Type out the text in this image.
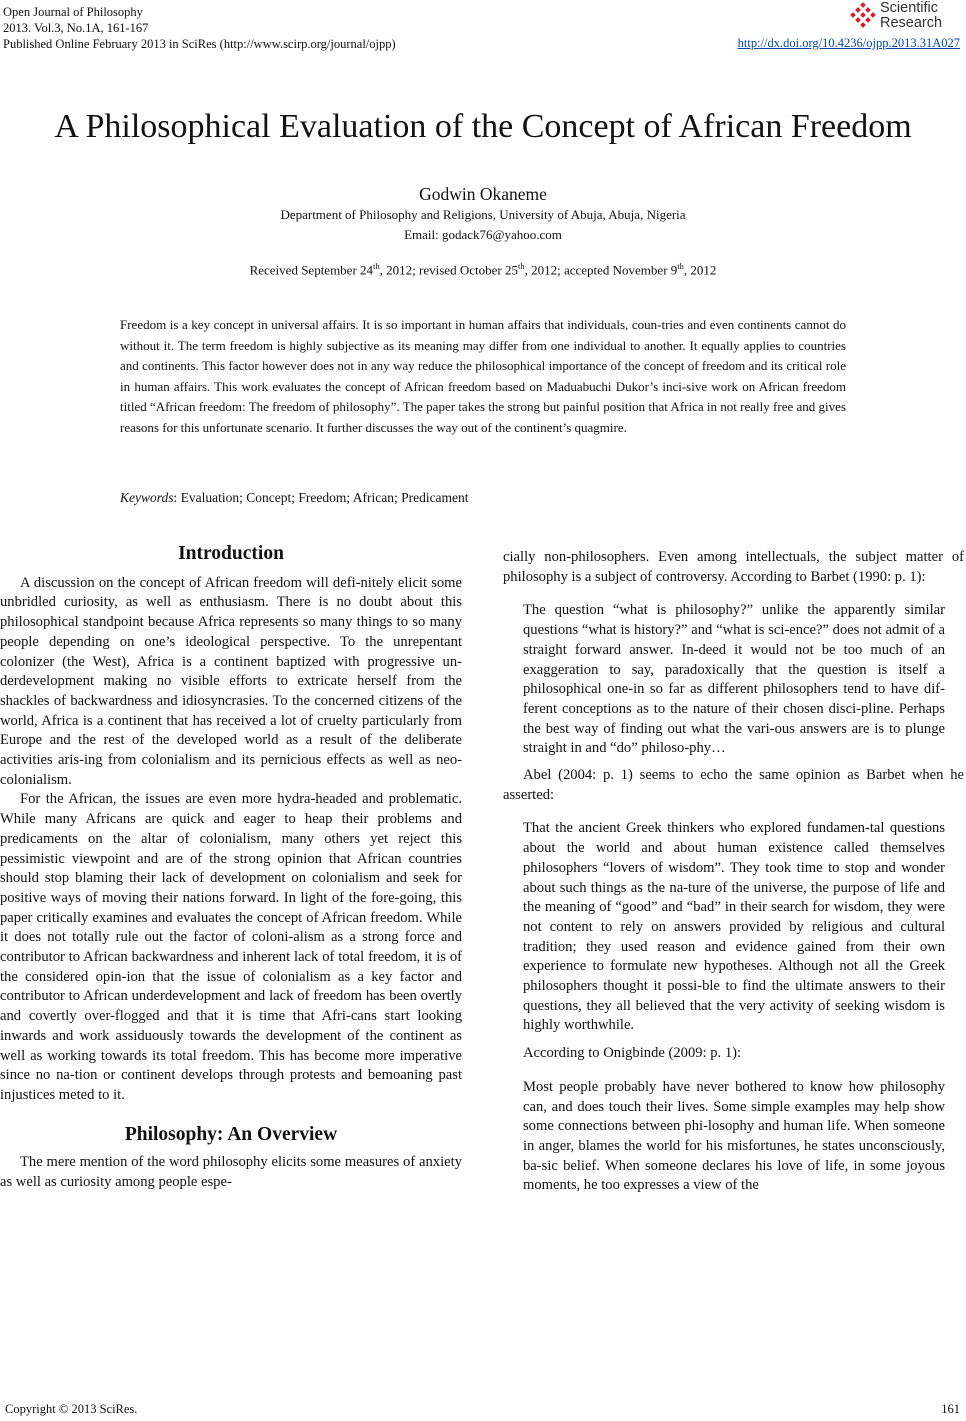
Open Journal of Philosophy
2013. Vol.3, No.1A, 161-167
Published Online February 2013 in SciRes (http://www.scirp.org/journal/ojpp)
Scientific
Research
http://dx.doi.org/10.4236/ojpp.2013.31A027
A Philosophical Evaluation of the Concept of African Freedom
Godwin Okaneme
Department of Philosophy and Religions, University of Abuja, Abuja, Nigeria
Email: godack76@yahoo.com
Received September 24th, 2012; revised October 25th, 2012; accepted November 9th, 2012
Freedom is a key concept in universal affairs. It is so important in human affairs that individuals, coun-tries and even continents cannot do without it. The term freedom is highly subjective as its meaning may differ from one individual to another. It equally applies to countries and continents. This factor however does not in any way reduce the philosophical importance of the concept of freedom and its critical role in human affairs. This work evaluates the concept of African freedom based on Maduabuchi Dukor’s inci-sive work on African freedom titled “African freedom: The freedom of philosophy”. The paper takes the strong but painful position that Africa in not really free and gives reasons for this unfortunate scenario. It further discusses the way out of the continent’s quagmire.
Keywords: Evaluation; Concept; Freedom; African; Predicament
Introduction

A discussion on the concept of African freedom will defi-nitely elicit some unbridled curiosity, as well as enthusiasm. There is no doubt about this philosophical standpoint because Africa represents so many things to so many people depending on one’s ideological perspective. To the unrepentant colonizer (the West), Africa is a continent baptized with progressive un-derdevelopment making no visible efforts to extricate herself from the shackles of backwardness and idiosyncrasies. To the concerned citizens of the world, Africa is a continent that has received a lot of cruelty particularly from Europe and the rest of the developed world as a result of the deliberate activities aris-ing from colonialism and its pernicious effects as well as neo-colonialism.

For the African, the issues are even more hydra-headed and problematic. While many Africans are quick and eager to heap their problems and predicaments on the altar of colonialism, many others yet reject this pessimistic viewpoint and are of the strong opinion that African countries should stop blaming their lack of development on colonialism and seek for positive ways of moving their nations forward. In light of the fore-going, this paper critically examines and evaluates the concept of African freedom. While it does not totally rule out the factor of coloni-alism as a strong force and contributor to African backwardness and inherent lack of total freedom, it is of the considered opin-ion that the issue of colonialism as a key factor and contributor to African underdevelopment and lack of freedom has been overtly and covertly over-flogged and that it is time that Afri-cans start looking inwards and work assiduously towards the development of the continent as well as working towards its total freedom. This has become more imperative since no na-tion or continent develops through protests and bemoaning past injustices meted to it.

Philosophy: An Overview

The mere mention of the word philosophy elicits some measures of anxiety as well as curiosity among people espe-

cially non-philosophers. Even among intellectuals, the subject matter of philosophy is a subject of controversy. According to Barbet (1990: p. 1):

The question “what is philosophy?” unlike the apparently similar questions “what is history?” and “what is sci-ence?” does not admit of a straight forward answer. In-deed it would not be too much of an exaggeration to say, paradoxically that the question is itself a philosophical one-in so far as different philosophers tend to have dif-ferent conceptions as to the nature of their chosen disci-pline. Perhaps the best way of finding out what the vari-ous answers are is to plunge straight in and “do” philoso-phy…

Abel (2004: p. 1) seems to echo the same opinion as Barbet when he asserted:

That the ancient Greek thinkers who explored fundamen-tal questions about the world and about human existence called themselves philosophers “lovers of wisdom”. They took time to stop and wonder about such things as the na-ture of the universe, the purpose of life and the meaning of “good” and “bad” in their search for wisdom, they were not content to rely on answers provided by religious and cultural tradition; they used reason and evidence gained from their own experience to formulate new hypotheses. Although not all the Greek philosophers thought it possi-ble to find the ultimate answers to their questions, they all believed that the very activity of seeking wisdom is highly worthwhile.

According to Onigbinde (2009: p. 1):

Most people probably have never bothered to know how philosophy can, and does touch their lives. Some simple examples may help show some connections between phi-losophy and human life. When someone in anger, blames the world for his misfortunes, he states unconsciously, ba-sic belief. When someone declares his love of life, in some joyous moments, he too expresses a view of the
Copyright © 2013 SciRes.	161
